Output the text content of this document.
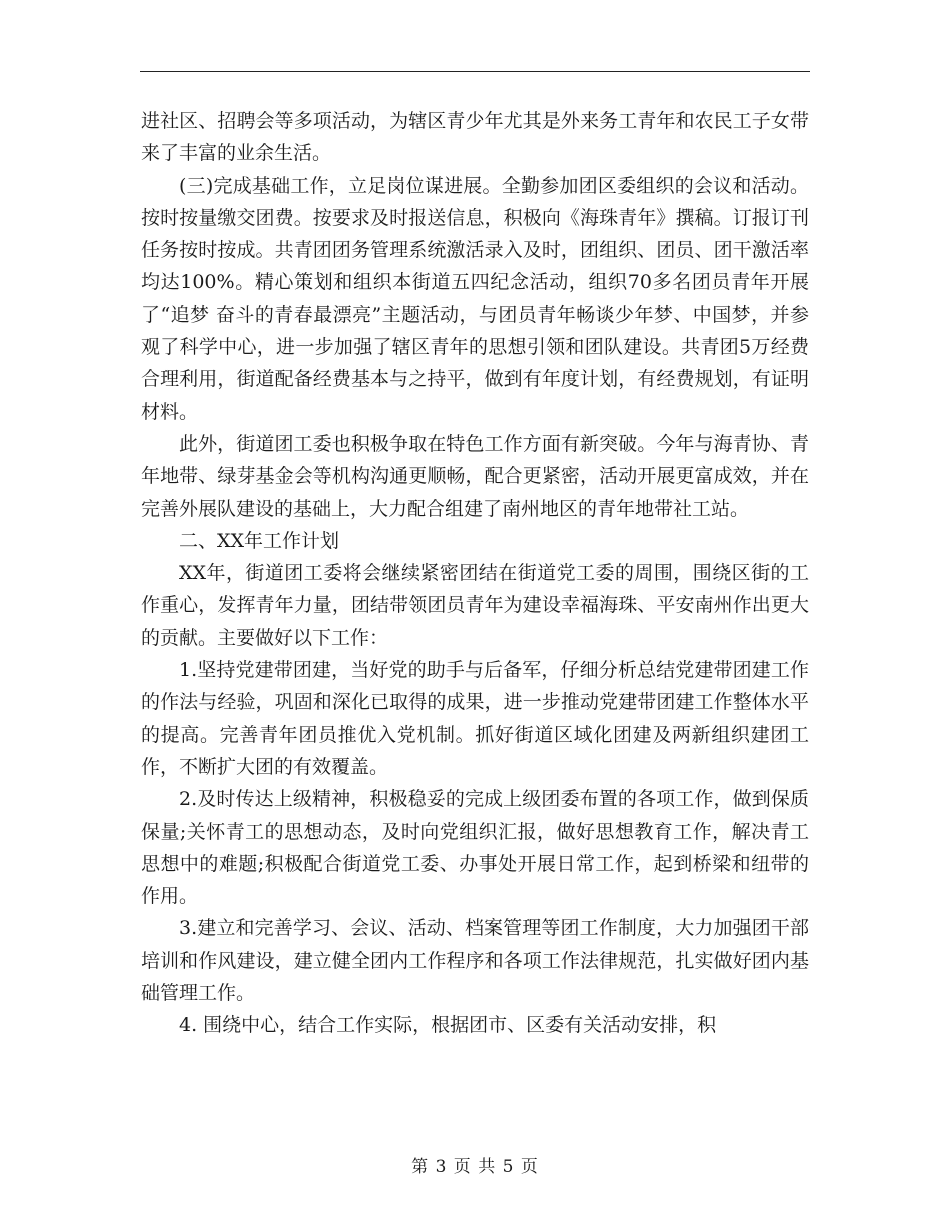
进社区、招聘会等多项活动，为辖区青少年尤其是外来务工青年和农民工子女带来了丰富的业余生活。

(三)完成基础工作，立足岗位谋进展。全勤参加团区委组织的会议和活动。按时按量缴交团费。按要求及时报送信息，积极向《海珠青年》撰稿。订报订刊任务按时按成。共青团团务管理系统激活录入及时，团组织、团员、团干激活率均达100%。精心策划和组织本街道五四纪念活动，组织70多名团员青年开展了“追梦 奋斗的青春最漂亮”主题活动，与团员青年畅谈少年梦、中国梦，并参观了科学中心，进一步加强了辖区青年的思想引领和团队建设。共青团5万经费合理利用，街道配备经费基本与之持平，做到有年度计划，有经费规划，有证明材料。

此外，街道团工委也积极争取在特色工作方面有新突破。今年与海青协、青年地带、绿芽基金会等机构沟通更顺畅，配合更紧密，活动开展更富成效，并在完善外展队建设的基础上，大力配合组建了南州地区的青年地带社工站。

二、XX年工作计划

XX年，街道团工委将会继续紧密团结在街道党工委的周围，围绕区街的工作重心，发挥青年力量，团结带领团员青年为建设幸福海珠、平安南州作出更大的贡献。主要做好以下工作：

1.坚持党建带团建，当好党的助手与后备军，仔细分析总结党建带团建工作的作法与经验，巩固和深化已取得的成果，进一步推动党建带团建工作整体水平的提高。完善青年团员推优入党机制。抓好街道区域化团建及两新组织建团工作，不断扩大团的有效覆盖。

2.及时传达上级精神，积极稳妥的完成上级团委布置的各项工作，做到保质保量;关怀青工的思想动态，及时向党组织汇报，做好思想教育工作，解决青工思想中的难题;积极配合街道党工委、办事处开展日常工作，起到桥梁和纽带的作用。

3.建立和完善学习、会议、活动、档案管理等团工作制度，大力加强团干部培训和作风建设，建立健全团内工作程序和各项工作法律规范，扎实做好团内基础管理工作。

4. 围绕中心，结合工作实际，根据团市、区委有关活动安排，积

第 3 页 共 5 页
